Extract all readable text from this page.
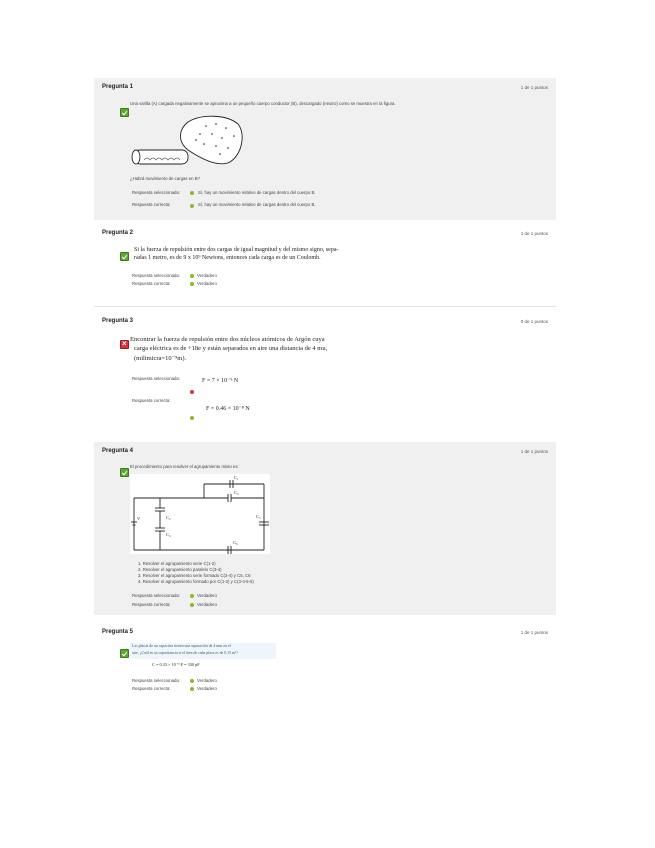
Pregunta 1	1 de 1 puntos
Una varilla (A) cargada negativamente se aproxima a un pequeño cuerpo conductor (B), descargado (neutro) como se muestra en la figura.
¿Habrá movimiento de cargas en B?
Respuesta seleccionada:	Sí, hay un movimiento relativo de cargas dentro del cuerpo B.
Respuesta correcta:	Sí, hay un movimiento relativo de cargas dentro del cuerpo B.
Pregunta 2	1 de 1 puntos
Si la fuerza de repulsión entre dos cargas de igual magnitud y del mismo signo, sepa-
radas 1 metro, es de 9 x 10⁹ Newtons, entonces cada carga es de un Coulomb.
Respuesta seleccionada:	Verdadero
Respuesta correcta:	Verdadero
Pregunta 3	0 de 1 puntos
×
Encontrar la fuerza de repulsión entre dos núcleos atómicos de Argón cuya
carga eléctrica es de +18e y están separados en aire una distancia de 4 mu,
(milimicra=10⁻⁹m).
Respuesta seleccionada:	F = 7 × 10⁻⁹ N
Respuesta correcta:
F = 0.46 × 10⁻⁸ N
Pregunta 4	1 de 1 puntos
El procedimiento para resolver el agrupamiento mixto es:
C₁
C₂
C₃
C₄
C₅
C₆
V
1. Resolver el agrupamiento serie C(1-2)
2. Resolver el agrupamiento paralelo C(3-4)
3. Resolver el agrupamiento serie formado C(3-4) y C5, C6
4. Resolver el agrupamiento formado por C(1-2) y C(3-4-5-6)
Respuesta seleccionada:	Verdadero
Respuesta correcta:	Verdadero
Pregunta 5	1 de 1 puntos
Las placas de un capacitor tienen una separación de 4 mm en el
aire, ¿Cuál es su capacitancia si el área de cada placa es de 0.15 m²?
C = 0.33 × 10⁻⁹ F = 330 pF
Respuesta seleccionada:	Verdadero
Respuesta correcta:	Verdadero
